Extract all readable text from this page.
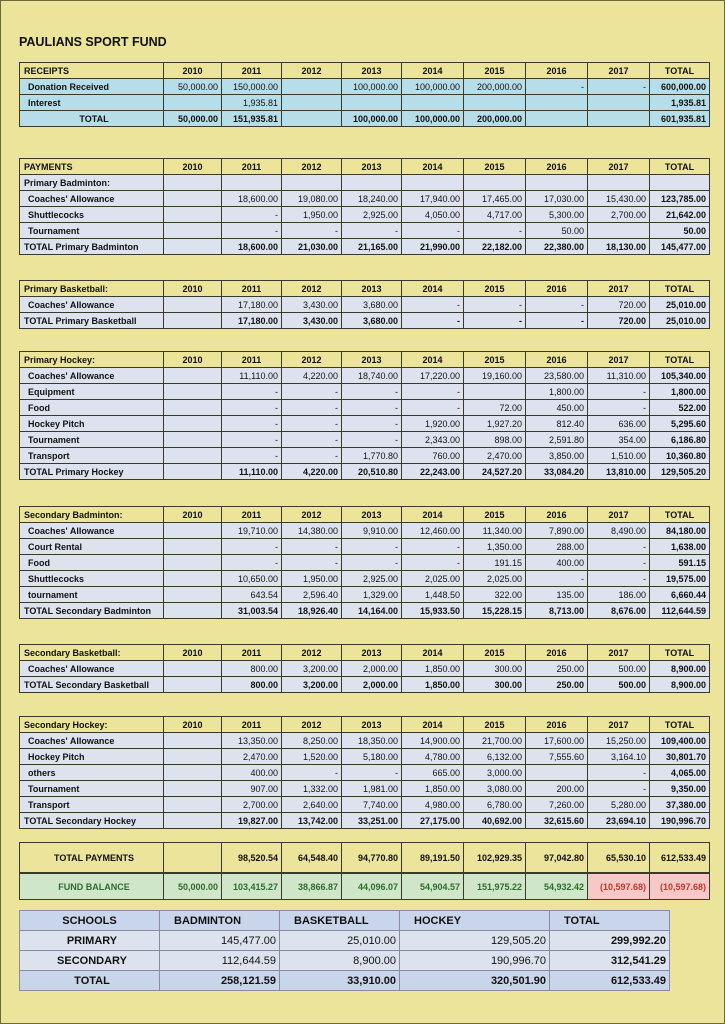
PAULIANS SPORT FUND
RECEIPTS	2010	2011	2012	2013	2014	2015	2016	2017	TOTAL
Donation Received	50,000.00	150,000.00		100,000.00	100,000.00	200,000.00	-	-	600,000.00
Interest		1,935.81							1,935.81
TOTAL	50,000.00	151,935.81		100,000.00	100,000.00	200,000.00			601,935.81
PAYMENTS	2010	2011	2012	2013	2014	2015	2016	2017	TOTAL
Primary Badminton:									
Coaches' Allowance		18,600.00	19,080.00	18,240.00	17,940.00	17,465.00	17,030.00	15,430.00	123,785.00
Shuttlecocks		-	1,950.00	2,925.00	4,050.00	4,717.00	5,300.00	2,700.00	21,642.00
Tournament		-	-	-	-	-	50.00		50.00
TOTAL Primary Badminton		18,600.00	21,030.00	21,165.00	21,990.00	22,182.00	22,380.00	18,130.00	145,477.00
Primary Basketball:	2010	2011	2012	2013	2014	2015	2016	2017	TOTAL
Coaches' Allowance		17,180.00	3,430.00	3,680.00	-	-	-	720.00	25,010.00
TOTAL Primary Basketball		17,180.00	3,430.00	3,680.00	-	-	-	720.00	25,010.00
Primary Hockey:	2010	2011	2012	2013	2014	2015	2016	2017	TOTAL
Coaches' Allowance		11,110.00	4,220.00	18,740.00	17,220.00	19,160.00	23,580.00	11,310.00	105,340.00
Equipment		-	-	-	-		1,800.00	-	1,800.00
Food		-	-	-	-	72.00	450.00	-	522.00
Hockey Pitch		-	-	-	1,920.00	1,927.20	812.40	636.00	5,295.60
Tournament		-	-	-	2,343.00	898.00	2,591.80	354.00	6,186.80
Transport		-	-	1,770.80	760.00	2,470.00	3,850.00	1,510.00	10,360.80
TOTAL Primary Hockey		11,110.00	4,220.00	20,510.80	22,243.00	24,527.20	33,084.20	13,810.00	129,505.20
Secondary Badminton:	2010	2011	2012	2013	2014	2015	2016	2017	TOTAL
Coaches' Allowance		19,710.00	14,380.00	9,910.00	12,460.00	11,340.00	7,890.00	8,490.00	84,180.00
Court Rental		-	-	-	-	1,350.00	288.00	-	1,638.00
Food		-	-	-	-	191.15	400.00	-	591.15
Shuttlecocks		10,650.00	1,950.00	2,925.00	2,025.00	2,025.00	-	-	19,575.00
tournament		643.54	2,596.40	1,329.00	1,448.50	322.00	135.00	186.00	6,660.44
TOTAL Secondary Badminton		31,003.54	18,926.40	14,164.00	15,933.50	15,228.15	8,713.00	8,676.00	112,644.59
Secondary Basketball:	2010	2011	2012	2013	2014	2015	2016	2017	TOTAL
Coaches' Allowance		800.00	3,200.00	2,000.00	1,850.00	300.00	250.00	500.00	8,900.00
TOTAL Secondary Basketball		800.00	3,200.00	2,000.00	1,850.00	300.00	250.00	500.00	8,900.00
Secondary Hockey:	2010	2011	2012	2013	2014	2015	2016	2017	TOTAL
Coaches' Allowance		13,350.00	8,250.00	18,350.00	14,900.00	21,700.00	17,600.00	15,250.00	109,400.00
Hockey Pitch		2,470.00	1,520.00	5,180.00	4,780.00	6,132.00	7,555.60	3,164.10	30,801.70
others		400.00	-	-	665.00	3,000.00		-	4,065.00
Tournament		907.00	1,332.00	1,981.00	1,850.00	3,080.00	200.00	-	9,350.00
Transport		2,700.00	2,640.00	7,740.00	4,980.00	6,780.00	7,260.00	5,280.00	37,380.00
TOTAL Secondary Hockey		19,827.00	13,742.00	33,251.00	27,175.00	40,692.00	32,615.60	23,694.10	190,996.70
TOTAL PAYMENTS		98,520.54	64,548.40	94,770.80	89,191.50	102,929.35	97,042.80	65,530.10	612,533.49
FUND BALANCE	50,000.00	103,415.27	38,866.87	44,096.07	54,904.57	151,975.22	54,932.42	(10,597.68)	(10,597.68)
SCHOOLS	BADMINTON	BASKETBALL	HOCKEY	TOTAL
PRIMARY	145,477.00	25,010.00	129,505.20	299,992.20
SECONDARY	112,644.59	8,900.00	190,996.70	312,541.29
TOTAL	258,121.59	33,910.00	320,501.90	612,533.49
